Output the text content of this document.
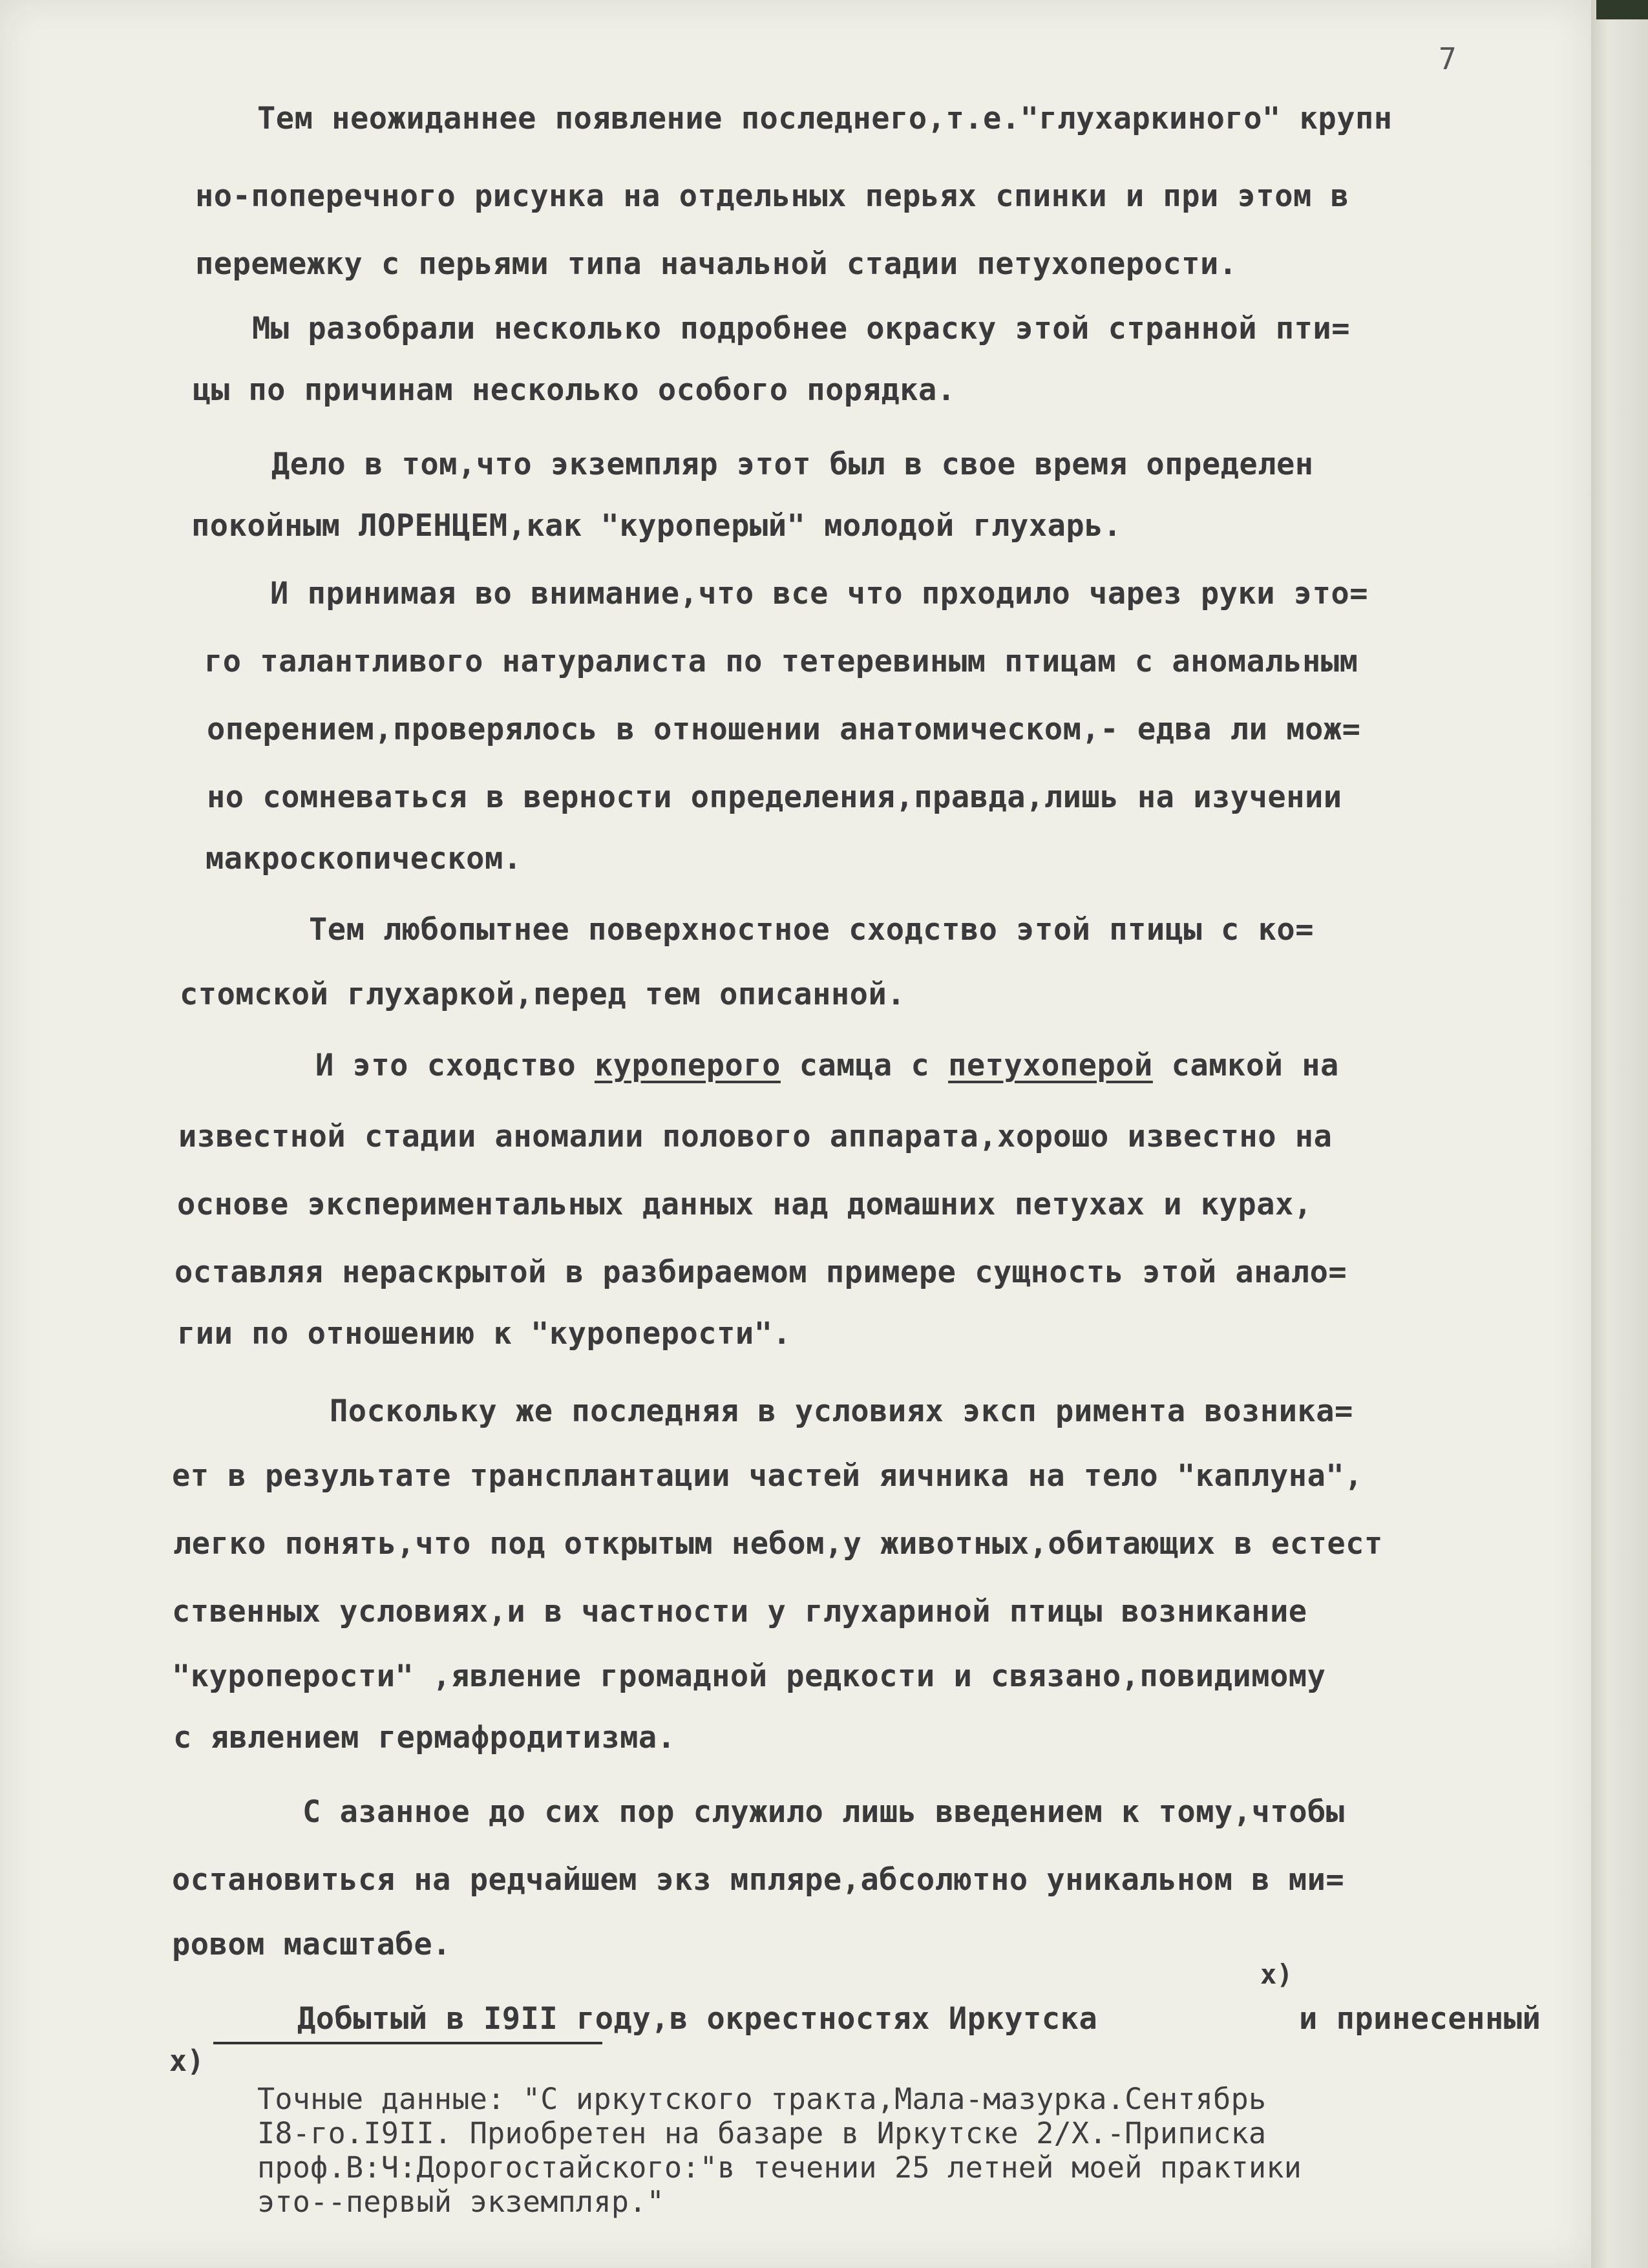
7
Тем неожиданнее появление последнего,т.е."глухаркиного" крупн
но-поперечного рисунка на отдельных перьях спинки и при этом в
перемежку с перьями типа начальной стадии петухоперости.
Мы разобрали несколько подробнее окраску этой странной пти=
цы по причинам несколько особого порядка.
Дело в том,что экземпляр этот был в свое время определен
покойным ЛОРЕНЦЕМ,как "куроперый" молодой глухарь.
И принимая во внимание,что все что прходило чарез руки это=
го талантливого натуралиста по тетеревиным птицам с аномальным
оперением,проверялось в отношении анатомическом,- едва ли мож=
но сомневаться в верности определения,правда,лишь на изучении
макроскопическом.
Тем любопытнее поверхностное сходство этой птицы с ко=
стомской глухаркой,перед тем описанной.
И это сходство куроперого самца с петухоперой самкой на
известной стадии аномалии полового аппарата,хорошо известно на
основе экспериментальных данных над домашних петухах и курах,
оставляя нераскрытой в разбираемом примере сущность этой анало=
гии по отношению к "куроперости".
Поскольку же последняя в условиях эксп римента возника=
ет в результате трансплантации частей яичника на тело "каплуна",
легко понять,что под открытым небом,у животных,обитающих в естест
ственных условиях,и в частности у глухариной птицы возникание
"куроперости" ,явление громадной редкости и связано,повидимому
с явлением гермафродитизма.
С азанное до сих пор служило лишь введением к тому,чтобы
остановиться на редчайшем экз мпляре,абсолютно уникальном в ми=
ровом масштабе.
Добытый в I9II году,в окрестностях Иркутска
х)
и принесенный
х)
Точные данные: "С иркутского тракта,Мала-мазурка.Сентябрь
I8-го.I9II. Приобретен на базаре в Иркутске 2/Х.-Приписка
проф.В:Ч:Дорогостайского:"в течении 25 летней моей практики
это--первый экземпляр."
